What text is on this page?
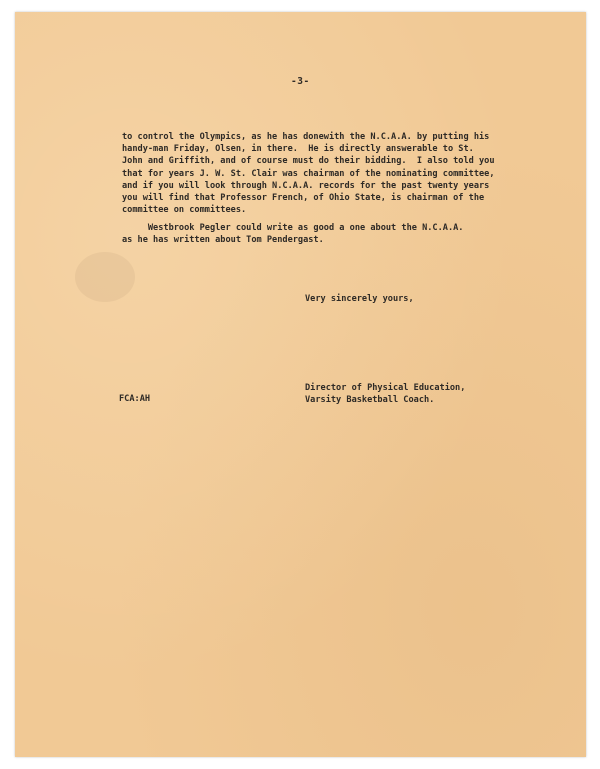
-3-
to control the Olympics, as he has donewith the N.C.A.A. by putting his
handy-man Friday, Olsen, in there.  He is directly answerable to St.
John and Griffith, and of course must do their bidding.  I also told you
that for years J. W. St. Clair was chairman of the nominating committee,
and if you will look through N.C.A.A. records for the past twenty years
you will find that Professor French, of Ohio State, is chairman of the
committee on committees.
Westbrook Pegler could write as good a one about the N.C.A.A.
as he has written about Tom Pendergast.
Very sincerely yours,
Director of Physical Education,
Varsity Basketball Coach.
FCA:AH
